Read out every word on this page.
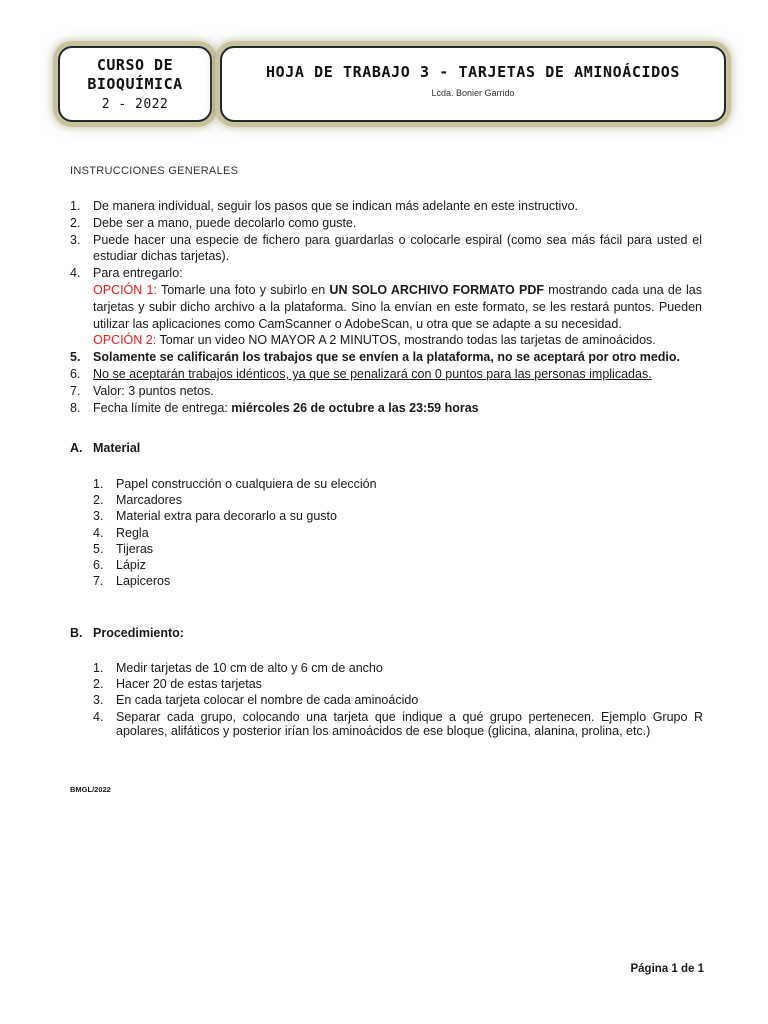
CURSO DE
BIOQUÍMICA
2 - 2022
HOJA DE TRABAJO 3 - TARJETAS DE AMINOÁCIDOS
Lcda. Bonier Garrido
INSTRUCCIONES GENERALES
1. De manera individual, seguir los pasos que se indican más adelante en este instructivo.
2. Debe ser a mano, puede decolarlo como guste.
3. Puede hacer una especie de fichero para guardarlas o colocarle espiral (como sea más fácil para usted el estudiar dichas tarjetas).
4. Para entregarlo:
OPCIÓN 1: Tomarle una foto y subirlo en UN SOLO ARCHIVO FORMATO PDF mostrando cada una de las tarjetas y subir dicho archivo a la plataforma. Sino la envían en este formato, se les restará puntos. Pueden utilizar las aplicaciones como CamScanner o AdobeScan, u otra que se adapte a su necesidad.
OPCIÓN 2: Tomar un video NO MAYOR A 2 MINUTOS, mostrando todas las tarjetas de aminoácidos.
5. Solamente se calificarán los trabajos que se envíen a la plataforma, no se aceptará por otro medio.
6. No se aceptarán trabajos idénticos, ya que se penalizará con 0 puntos para las personas implicadas.
7. Valor: 3 puntos netos.
8. Fecha límite de entrega: miércoles 26 de octubre a las 23:59 horas
A. Material
1. Papel construcción o cualquiera de su elección
2. Marcadores
3. Material extra para decorarlo a su gusto
4. Regla
5. Tijeras
6. Lápiz
7. Lapiceros
B. Procedimiento:
1. Medir tarjetas de 10 cm de alto y 6 cm de ancho
2. Hacer 20 de estas tarjetas
3. En cada tarjeta colocar el nombre de cada aminoácido
4. Separar cada grupo, colocando una tarjeta que indique a qué grupo pertenecen. Ejemplo Grupo R apolares, alifáticos y posterior irían los aminoácidos de ese bloque (glicina, alanina, prolina, etc.)
BMGL/2022
Página 1 de 1
